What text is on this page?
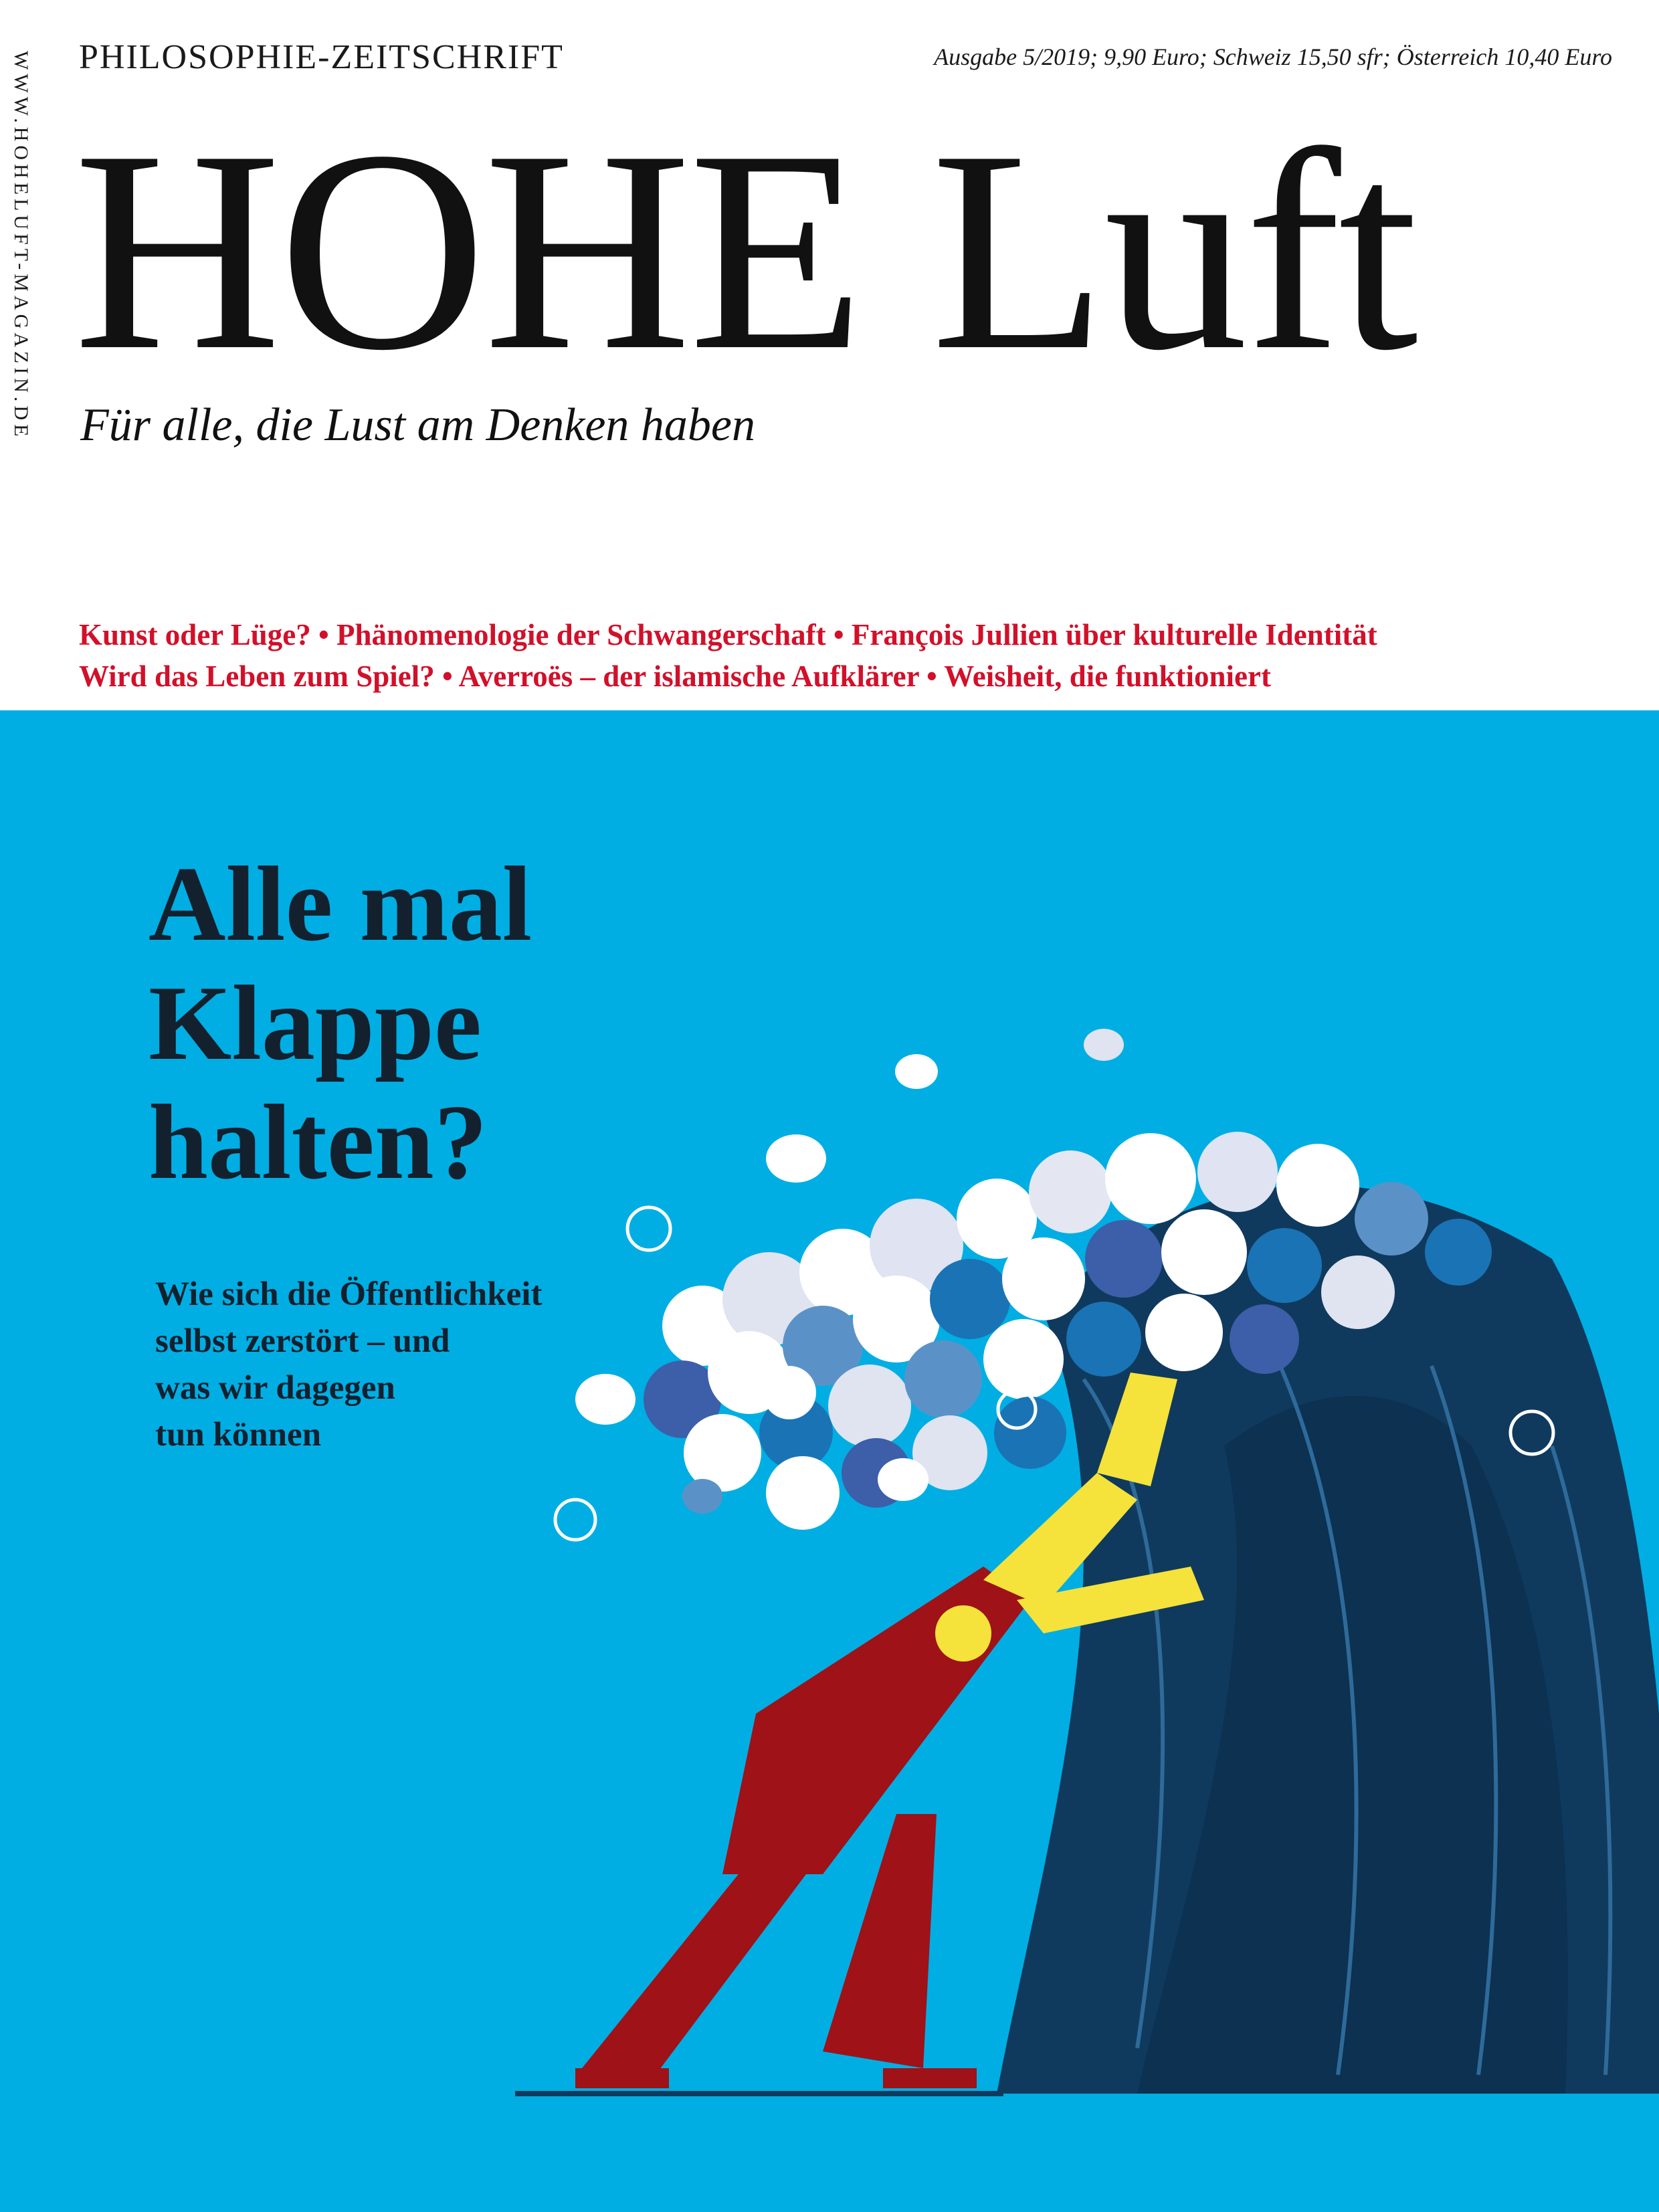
WWW.HOHELUFT-MAGAZIN.DE PHILOSOPHIE-ZEITSCHRIFT	Ausgabe 5/2019; 9,90 Euro; Schweiz 15,50 sfr; Österreich 10,40 Euro
HOHE Luft
Für alle, die Lust am Denken haben
Kunst oder Lüge? • Phänomenologie der Schwangerschaft • François Jullien über kulturelle Identität
Wird das Leben zum Spiel? • Averroës – der islamische Aufklärer • Weisheit, die funktioniert
Alle mal
Klappe
halten?
Wie sich die Öffentlichkeit
selbst zerstört – und
was wir dagegen
tun können
